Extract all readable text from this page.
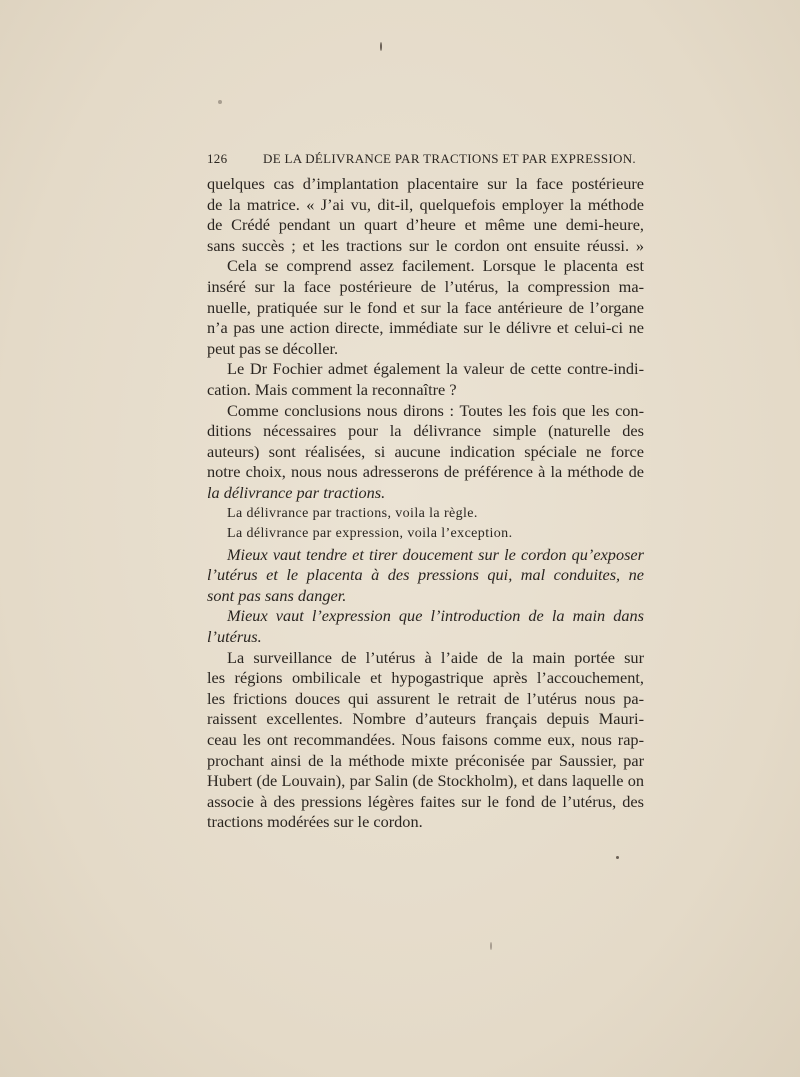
126	DE LA DÉLIVRANCE PAR TRACTIONS ET PAR EXPRESSION.
quelques cas d’implantation placentaire sur la face postérieure
de la matrice. « J’ai vu, dit-il, quelquefois employer la méthode
de Crédé pendant un quart d’heure et même une demi-heure,
sans succès ; et les tractions sur le cordon ont ensuite réussi. »
Cela se comprend assez facilement. Lorsque le placenta est
inséré sur la face postérieure de l’utérus, la compression ma-
nuelle, pratiquée sur le fond et sur la face antérieure de l’organe
n’a pas une action directe, immédiate sur le délivre et celui-ci ne
peut pas se décoller.
Le Dr Fochier admet également la valeur de cette contre-indi-
cation. Mais comment la reconnaître ?
Comme conclusions nous dirons : Toutes les fois que les con-
ditions nécessaires pour la délivrance simple (naturelle des
auteurs) sont réalisées, si aucune indication spéciale ne force
notre choix, nous nous adresserons de préférence à la méthode de
la délivrance par tractions.
La délivrance par tractions, voila la règle.
La délivrance par expression, voila l’exception.
Mieux vaut tendre et tirer doucement sur le cordon qu’exposer
l’utérus et le placenta à des pressions qui, mal conduites, ne
sont pas sans danger.
Mieux vaut l’expression que l’introduction de la main dans
l’utérus.
La surveillance de l’utérus à l’aide de la main portée sur
les régions ombilicale et hypogastrique après l’accouchement,
les frictions douces qui assurent le retrait de l’utérus nous pa-
raissent excellentes. Nombre d’auteurs français depuis Mauri-
ceau les ont recommandées. Nous faisons comme eux, nous rap-
prochant ainsi de la méthode mixte préconisée par Saussier, par
Hubert (de Louvain), par Salin (de Stockholm), et dans laquelle on
associe à des pressions légères faites sur le fond de l’utérus, des
tractions modérées sur le cordon.
